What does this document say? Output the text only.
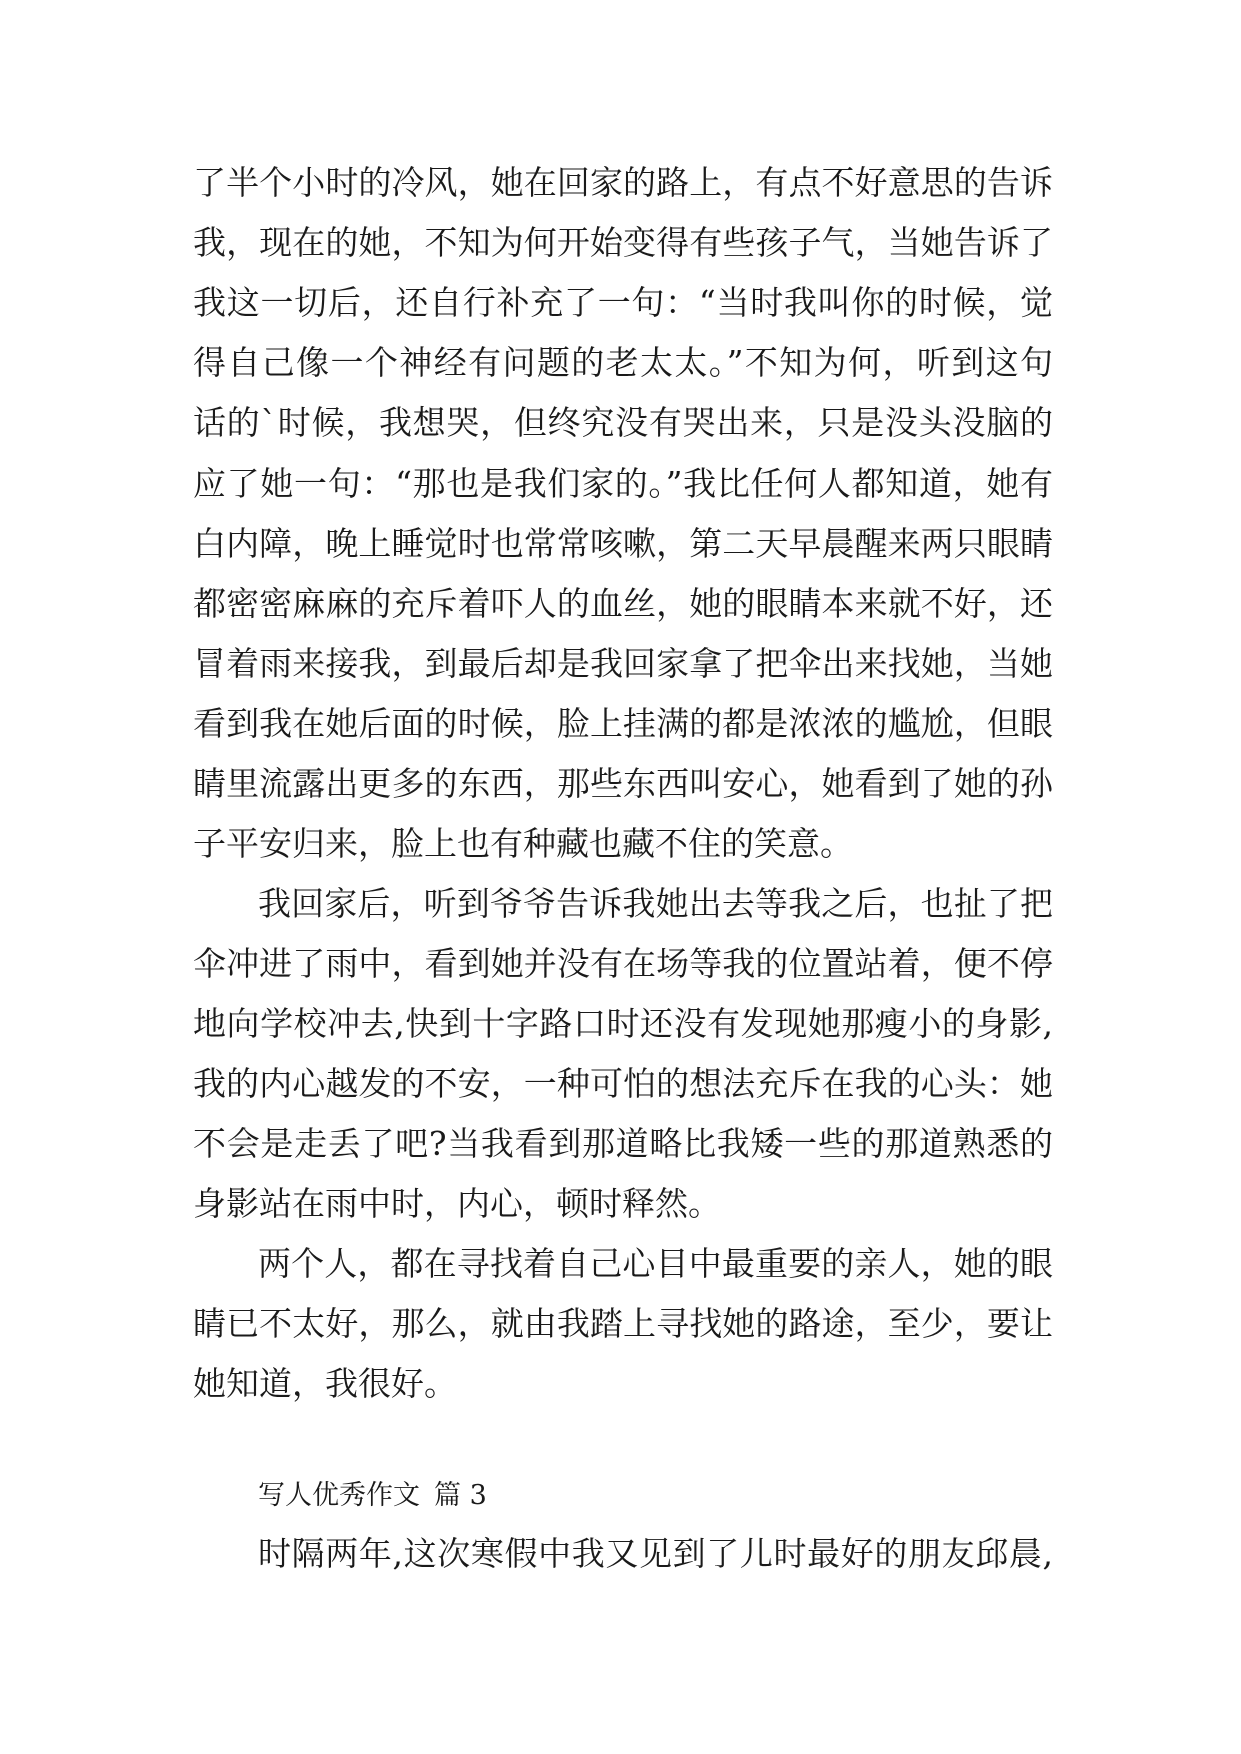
了半个小时的冷风，她在回家的路上，有点不好意思的告诉
我，现在的她，不知为何开始变得有些孩子气，当她告诉了
我这一切后，还自行补充了一句：“当时我叫你的时候，觉
得自己像一个神经有问题的老太太。”不知为何，听到这句
话的`时候，我想哭，但终究没有哭出来，只是没头没脑的
应了她一句：“那也是我们家的。”我比任何人都知道，她有
白内障，晚上睡觉时也常常咳嗽，第二天早晨醒来两只眼睛
都密密麻麻的充斥着吓人的血丝，她的眼睛本来就不好，还
冒着雨来接我，到最后却是我回家拿了把伞出来找她，当她
看到我在她后面的时候，脸上挂满的都是浓浓的尴尬，但眼
睛里流露出更多的东西，那些东西叫安心，她看到了她的孙
子平安归来，脸上也有种藏也藏不住的笑意。
我回家后，听到爷爷告诉我她出去等我之后，也扯了把
伞冲进了雨中，看到她并没有在场等我的位置站着，便不停
地向学校冲去,快到十字路口时还没有发现她那瘦小的身影,
我的内心越发的不安，一种可怕的想法充斥在我的心头：她
不会是走丢了吧?当我看到那道略比我矮一些的那道熟悉的
身影站在雨中时，内心，顿时释然。
两个人，都在寻找着自己心目中最重要的亲人，她的眼
睛已不太好，那么，就由我踏上寻找她的路途，至少，要让
她知道，我很好。
写人优秀作文 篇 3
时隔两年,这次寒假中我又见到了儿时最好的朋友邱晨,
